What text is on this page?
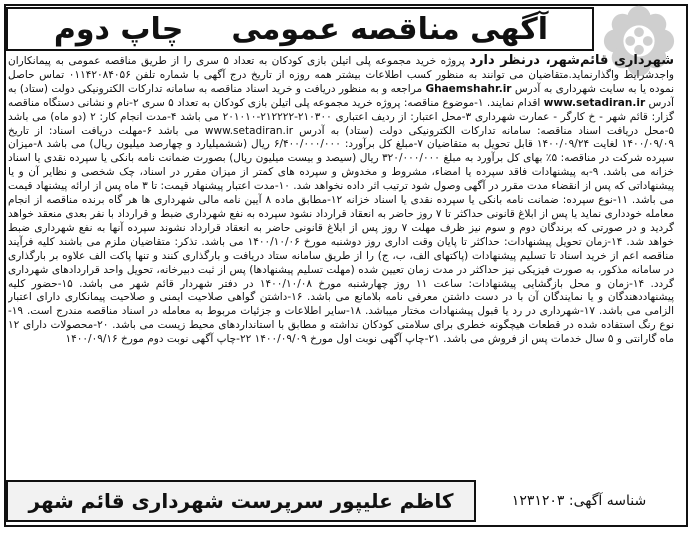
آگهی مناقصه عمومی
چاپ دوم
شهرداری قائم‌شهر، درنظر دارد پروژه خرید مجموعه پلی اتیلن بازی کودکان به تعداد ۵ سری را از طریق مناقصه عمومی به پیمانکاران واجدشرایط واگذارنماید.متقاضیان می توانند به منظور کسب اطلاعات بیشتر همه روزه از تاریخ درج آگهی با شماره تلفن ۰۱۱۴۲۰۸۴۰۵۶ تماس حاصل نموده یا به سایت شهرداری به آدرس Ghaemshahr.ir مراجعه و به منظور دریافت و خرید اسناد مناقصه به سامانه تدارکات الکترونیکی دولت (ستاد) به آدرس www.setadiran.ir اقدام نمایند. ۱-موضوع مناقصه: پروژه خرید مجموعه پلی اتیلن بازی کودکان به تعداد ۵ سری ۲-نام و نشانی دستگاه مناقصه گزار: قائم شهر - خ کارگر - عمارت شهرداری ۳-محل اعتبار: از ردیف اعتباری ۲۱۰۳۰۰-۲۱۲۲۲۲-۲۰۱۰۱۰ می باشد ۴-مدت انجام کار: ۲ (دو ماه) می باشد ۵-محل دریافت اسناد مناقصه: سامانه تدارکات الکترونیکی دولت (ستاد) به آدرس www.setadiran.ir می باشد ۶-مهلت دریافت اسناد: از تاریخ ۱۴۰۰/۰۹/۰۹ لغایت ۱۴۰۰/۰۹/۲۴ قابل تحویل به متقاضیان ۷-مبلغ کل برآورد: ۶/۴۰۰/۰۰۰/۰۰۰ ریال (ششمیلیارد و چهارصد میلیون ریال) می باشد ۸-میزان سپرده شرکت در مناقصه: ۵٪ بهای کل برآورد به مبلغ ۳۲۰/۰۰۰/۰۰۰ ریال (سیصد و بیست میلیون ریال) بصورت ضمانت نامه بانکی یا سپرده نقدی یا اسناد خزانه می باشد. ۹-به پیشنهادات فاقد سپرده یا امضاء، مشروط و مخدوش و سپرده های کمتر از میزان مقرر در اسناد، چک شخصی و نظایر آن و یا پیشنهاداتی که پس از انقضاء مدت مقرر در آگهی وصول شود ترتیب اثر داده نخواهد شد. ۱۰-مدت اعتبار پیشنهاد قیمت: تا ۳ ماه پس از ارائه پیشنهاد قیمت می باشد. ۱۱-نوع سپرده: ضمانت نامه بانکی یا سپرده نقدی یا اسناد خزانه ۱۲-مطابق ماده ۸ آیین نامه مالی شهرداری ها هر گاه برنده مناقصه از انجام معامله خودداری نماید یا پس از ابلاغ قانونی حداکثر تا ۷ روز حاضر به انعقاد قرارداد نشود سپرده به نفع شهرداری ضبط و قرارداد با نفر بعدی منعقد خواهد گردید و در صورتی که برندگان دوم و سوم نیز ظرف مهلت ۷ روز پس از ابلاغ قانونی حاضر به انعقاد قرارداد نشوند سپرده آنها به نفع شهرداری ضبط خواهد شد. ۱۴-زمان تحویل پیشنهادات: حداکثر تا پایان وقت اداری روز دوشنبه مورخ ۱۴۰۰/۱۰/۰۶ می باشد. تذکر: متقاضیان ملزم می باشند کلیه فرآیند مناقصه اعم از خرید اسناد تا تسلیم پیشنهادات (پاکتهای الف، ب، ج) را از طریق سامانه ستاد دریافت و بارگذاری کنند و تنها پاکت الف علاوه بر بارگذاری در سامانه مذکور، به صورت فیزیکی نیز حداکثر در مدت زمان تعیین شده (مهلت تسلیم پیشنهادها) پس از ثبت دبیرخانه، تحویل واحد قراردادهای شهرداری گردد. ۱۴-زمان و محل بازگشایی پیشنهادات: ساعت ۱۱ روز چهارشنبه مورخ ۱۴۰۰/۱۰/۰۸ در دفتر شهردار قائم شهر می باشد. ۱۵-حضور کلیه پیشنهاددهندگان و یا نمایندگان آن با در دست داشتن معرفی نامه بلامانع می باشد. ۱۶-داشتن گواهی صلاحیت ایمنی و صلاحیت پیمانکاری دارای اعتبار الزامی می باشد. ۱۷-شهرداری در رد یا قبول پیشنهادات مختار میباشد. ۱۸-سایر اطلاعات و جزئیات مربوط به معامله در اسناد مناقصه مندرج است. ۱۹-نوع رنگ استفاده شده در قطعات هیچگونه خطری برای سلامتی کودکان نداشته و مطابق با استانداردهای محیط زیست می باشد. ۲۰-محصولات دارای ۱۲ ماه گارانتی و ۵ سال خدمات پس از فروش می باشد. ۲۱-چاپ آگهی نوبت اول مورخ ۱۴۰۰/۰۹/۰۹ ۲۲-چاپ آگهی نوبت دوم مورخ ۱۴۰۰/۰۹/۱۶
کاظم علیپور سرپرست شهرداری قائم شهر	شناسه آگهی: ۱۲۳۱۲۰۳
